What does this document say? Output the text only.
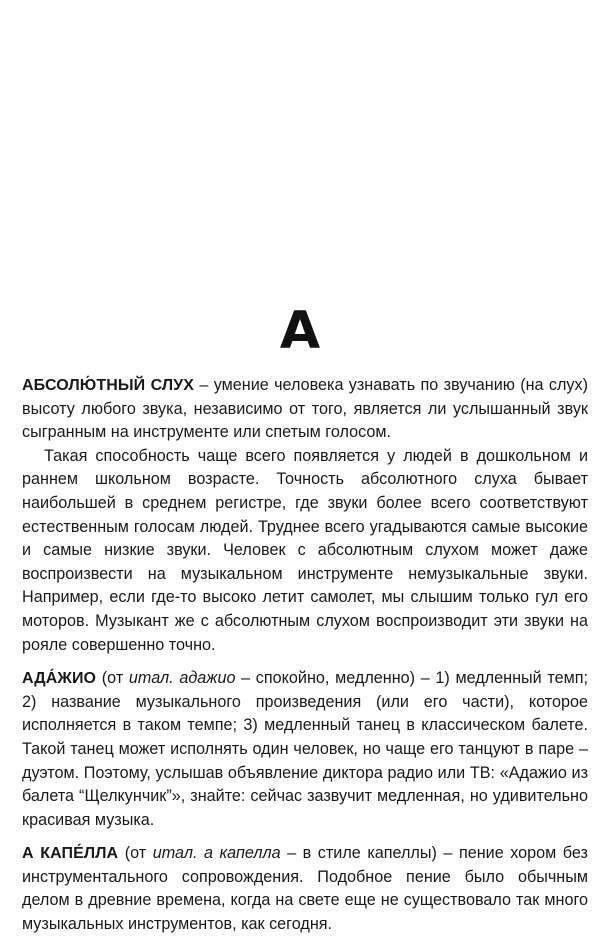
А

АБСОЛЮ́ТНЫЙ СЛУХ – умение человека узнавать по звучанию (на слух) высоту любого звука, независимо от того, является ли услышанный звук сыгранным на инструменте или спетым голосом.
Такая способность чаще всего появляется у людей в дошкольном и раннем школьном возрасте. Точность абсолютного слуха бывает наибольшей в среднем регистре, где звуки более всего соответствуют естественным голосам людей. Труднее всего угадываются самые высокие и самые низкие звуки. Человек с абсолютным слухом может даже воспроизвести на музыкальном инструменте немузыкальные звуки. Например, если где-то высоко летит самолет, мы слышим только гул его моторов. Музыкант же с абсолютным слухом воспроизводит эти звуки на рояле совершенно точно.

АДА́ЖИО (от итал. адажио – спокойно, медленно) – 1) медленный темп; 2) название музыкального произведения (или его части), которое исполняется в таком темпе; 3) медленный танец в классическом балете. Такой танец может исполнять один человек, но чаще его танцуют в паре – дуэтом. Поэтому, услышав объявление диктора радио или ТВ: «Адажио из балета “Щелкунчик”», знайте: сейчас зазвучит медленная, но удивительно красивая музыка.

А КАПЕ́ЛЛА (от итал. а капелла – в стиле капеллы) – пение хором без инструментального сопровождения. Подобное пение было обычным делом в древние времена, когда на свете еще не существовало так много музыкальных инструментов, как сегодня.
